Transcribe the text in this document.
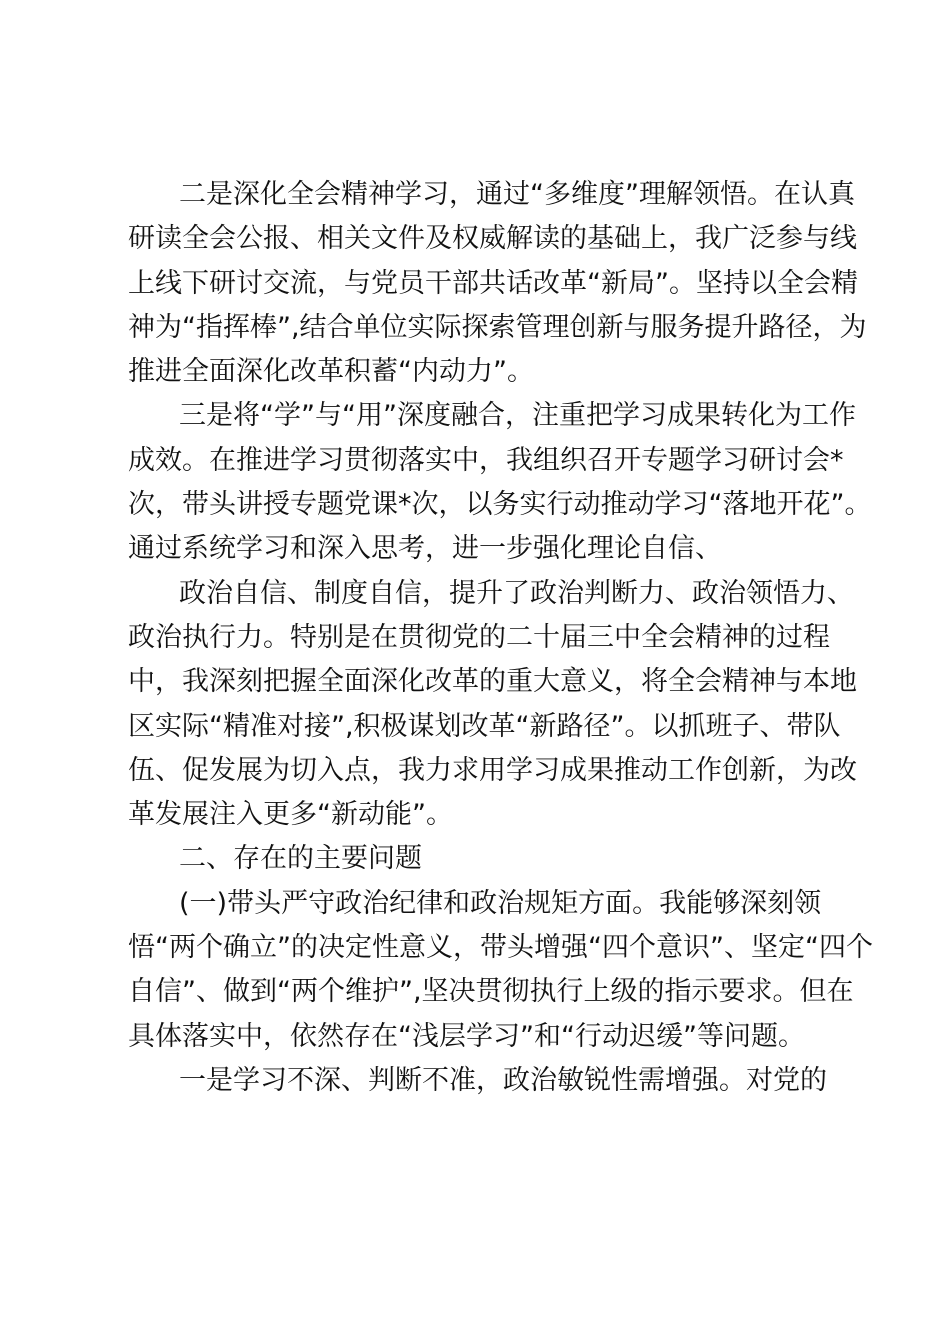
二是深化全会精神学习，通过“多维度”理解领悟。在认真
研读全会公报、相关文件及权威解读的基础上，我广泛参与线
上线下研讨交流，与党员干部共话改革“新局”。坚持以全会精
神为“指挥棒”,结合单位实际探索管理创新与服务提升路径，为
推进全面深化改革积蓄“内动力”。
三是将“学”与“用”深度融合，注重把学习成果转化为工作
成效。在推进学习贯彻落实中，我组织召开专题学习研讨会*
次，带头讲授专题党课*次，以务实行动推动学习“落地开花”。
通过系统学习和深入思考，进一步强化理论自信、
政治自信、制度自信，提升了政治判断力、政治领悟力、
政治执行力。特别是在贯彻党的二十届三中全会精神的过程
中，我深刻把握全面深化改革的重大意义，将全会精神与本地
区实际“精准对接”,积极谋划改革“新路径”。以抓班子、带队
伍、促发展为切入点，我力求用学习成果推动工作创新，为改
革发展注入更多“新动能”。
二、存在的主要问题
(一)带头严守政治纪律和政治规矩方面。我能够深刻领
悟“两个确立”的决定性意义，带头增强“四个意识”、坚定“四个
自信”、做到“两个维护”,坚决贯彻执行上级的指示要求。但在
具体落实中，依然存在“浅层学习”和“行动迟缓”等问题。
一是学习不深、判断不准，政治敏锐性需增强。对党的
